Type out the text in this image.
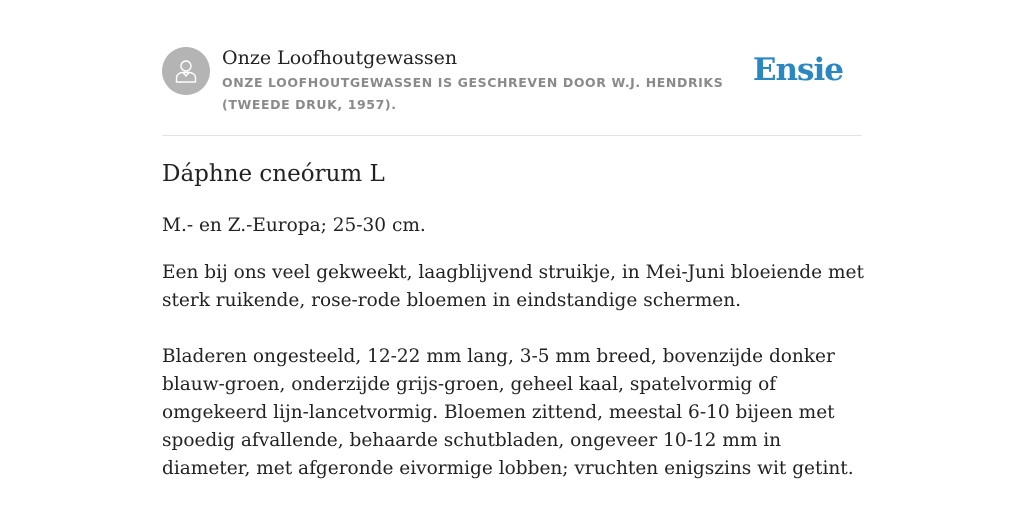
Onze Loofhoutgewassen
ONZE LOOFHOUTGEWASSEN IS GESCHREVEN DOOR W.J. HENDRIKS (TWEEDE DRUK, 1957).
Ensie
Dáphne cneórum L

M.- en Z.-Europa; 25-30 cm.

Een bij ons veel gekweekt, laagblijvend struikje, in Mei-Juni bloeiende met sterk ruikende, rose-rode bloemen in eindstandige schermen.

Bladeren ongesteeld, 12-22 mm lang, 3-5 mm breed, bovenzijde donker blauw-groen, onderzijde grijs-groen, geheel kaal, spatelvormig of omgekeerd lijn-lancetvormig. Bloemen zittend, meestal 6-10 bijeen met spoedig afvallende, behaarde schutbladen, ongeveer 10-12 mm in diameter, met afgeronde eivormige lobben; vruchten enigszins wit getint.
